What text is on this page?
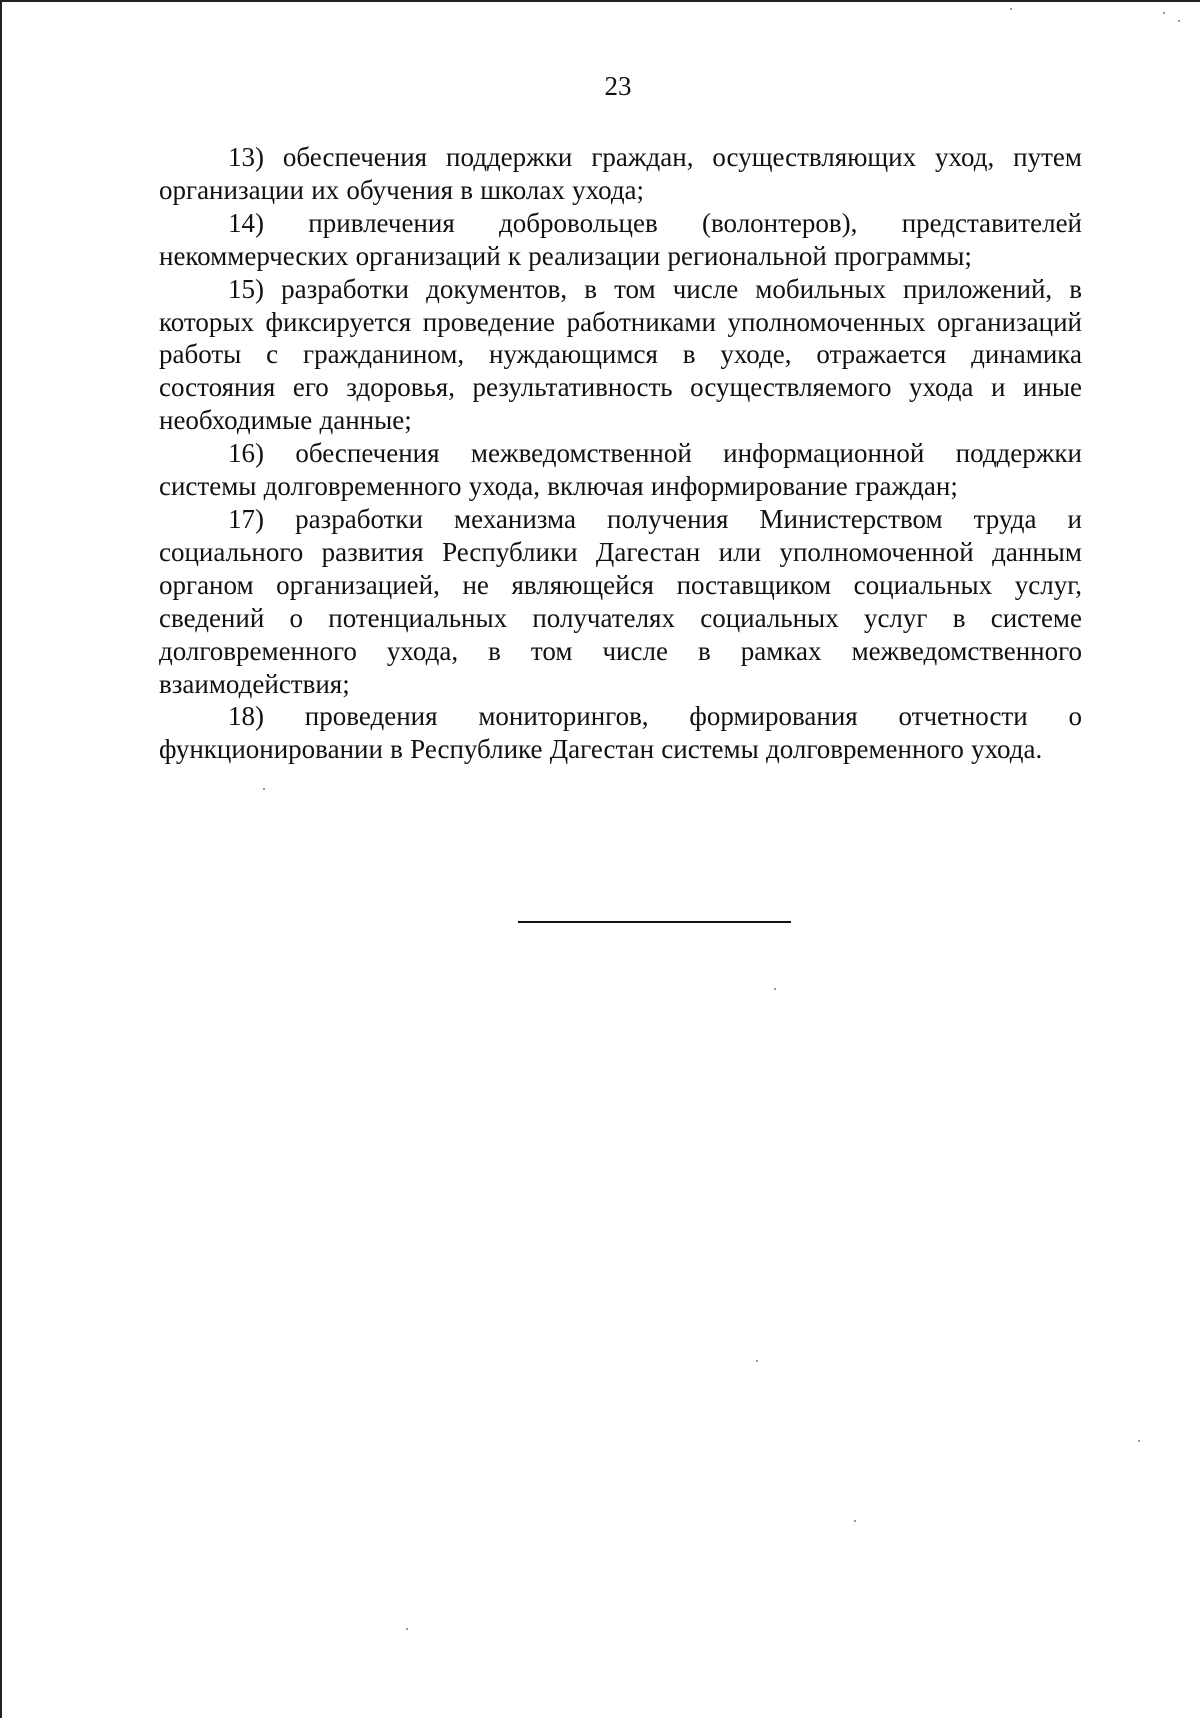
23

13) обеспечения поддержки граждан, осуществляющих уход, путем организации их обучения в школах ухода;

14) привлечения добровольцев (волонтеров), представителей некоммерческих организаций к реализации региональной программы;

15) разработки документов, в том числе мобильных приложений, в которых фиксируется проведение работниками уполномоченных организаций работы с гражданином, нуждающимся в уходе, отражается динамика состояния его здоровья, результативность осуществляемого ухода и иные необходимые данные;

16) обеспечения межведомственной информационной поддержки системы долговременного ухода, включая информирование граждан;

17) разработки механизма получения Министерством труда и социального развития Республики Дагестан или уполномоченной данным органом организацией, не являющейся поставщиком социальных услуг, сведений о потенциальных получателях социальных услуг в системе долговременного ухода, в том числе в рамках межведомственного взаимодействия;

18) проведения мониторингов, формирования отчетности о функционировании в Республике Дагестан системы долговременного ухода.
